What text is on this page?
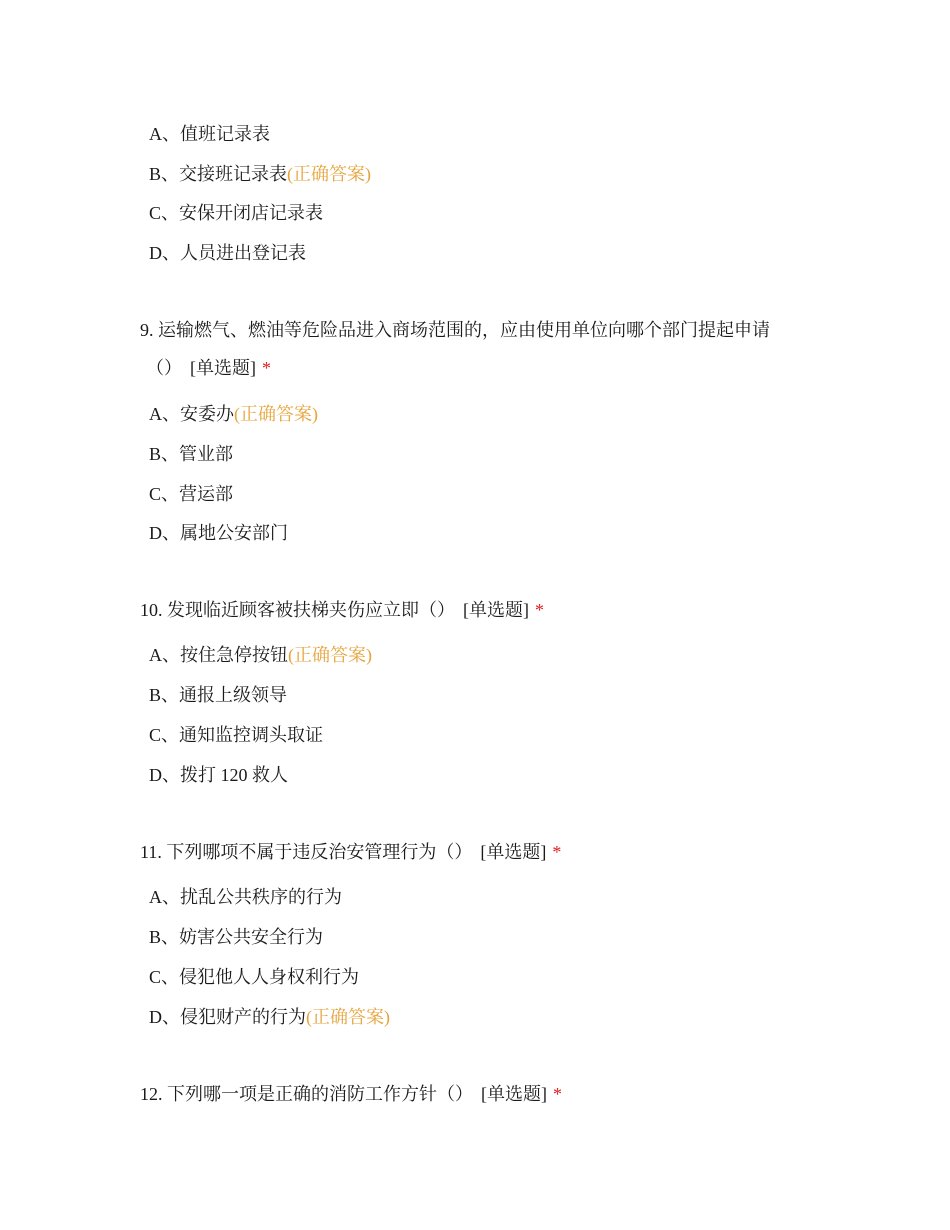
A、值班记录表
B、交接班记录表(正确答案)
C、安保开闭店记录表
D、人员进出登记表
9. 运输燃气、燃油等危险品进入商场范围的，应由使用单位向哪个部门提起申请
（） [单选题] *
A、安委办(正确答案)
B、管业部
C、营运部
D、属地公安部门
10. 发现临近顾客被扶梯夹伤应立即（） [单选题] *
A、按住急停按钮(正确答案)
B、通报上级领导
C、通知监控调头取证
D、拨打 120 救人
11. 下列哪项不属于违反治安管理行为（） [单选题] *
A、扰乱公共秩序的行为
B、妨害公共安全行为
C、侵犯他人人身权利行为
D、侵犯财产的行为(正确答案)
12. 下列哪一项是正确的消防工作方针（） [单选题] *
